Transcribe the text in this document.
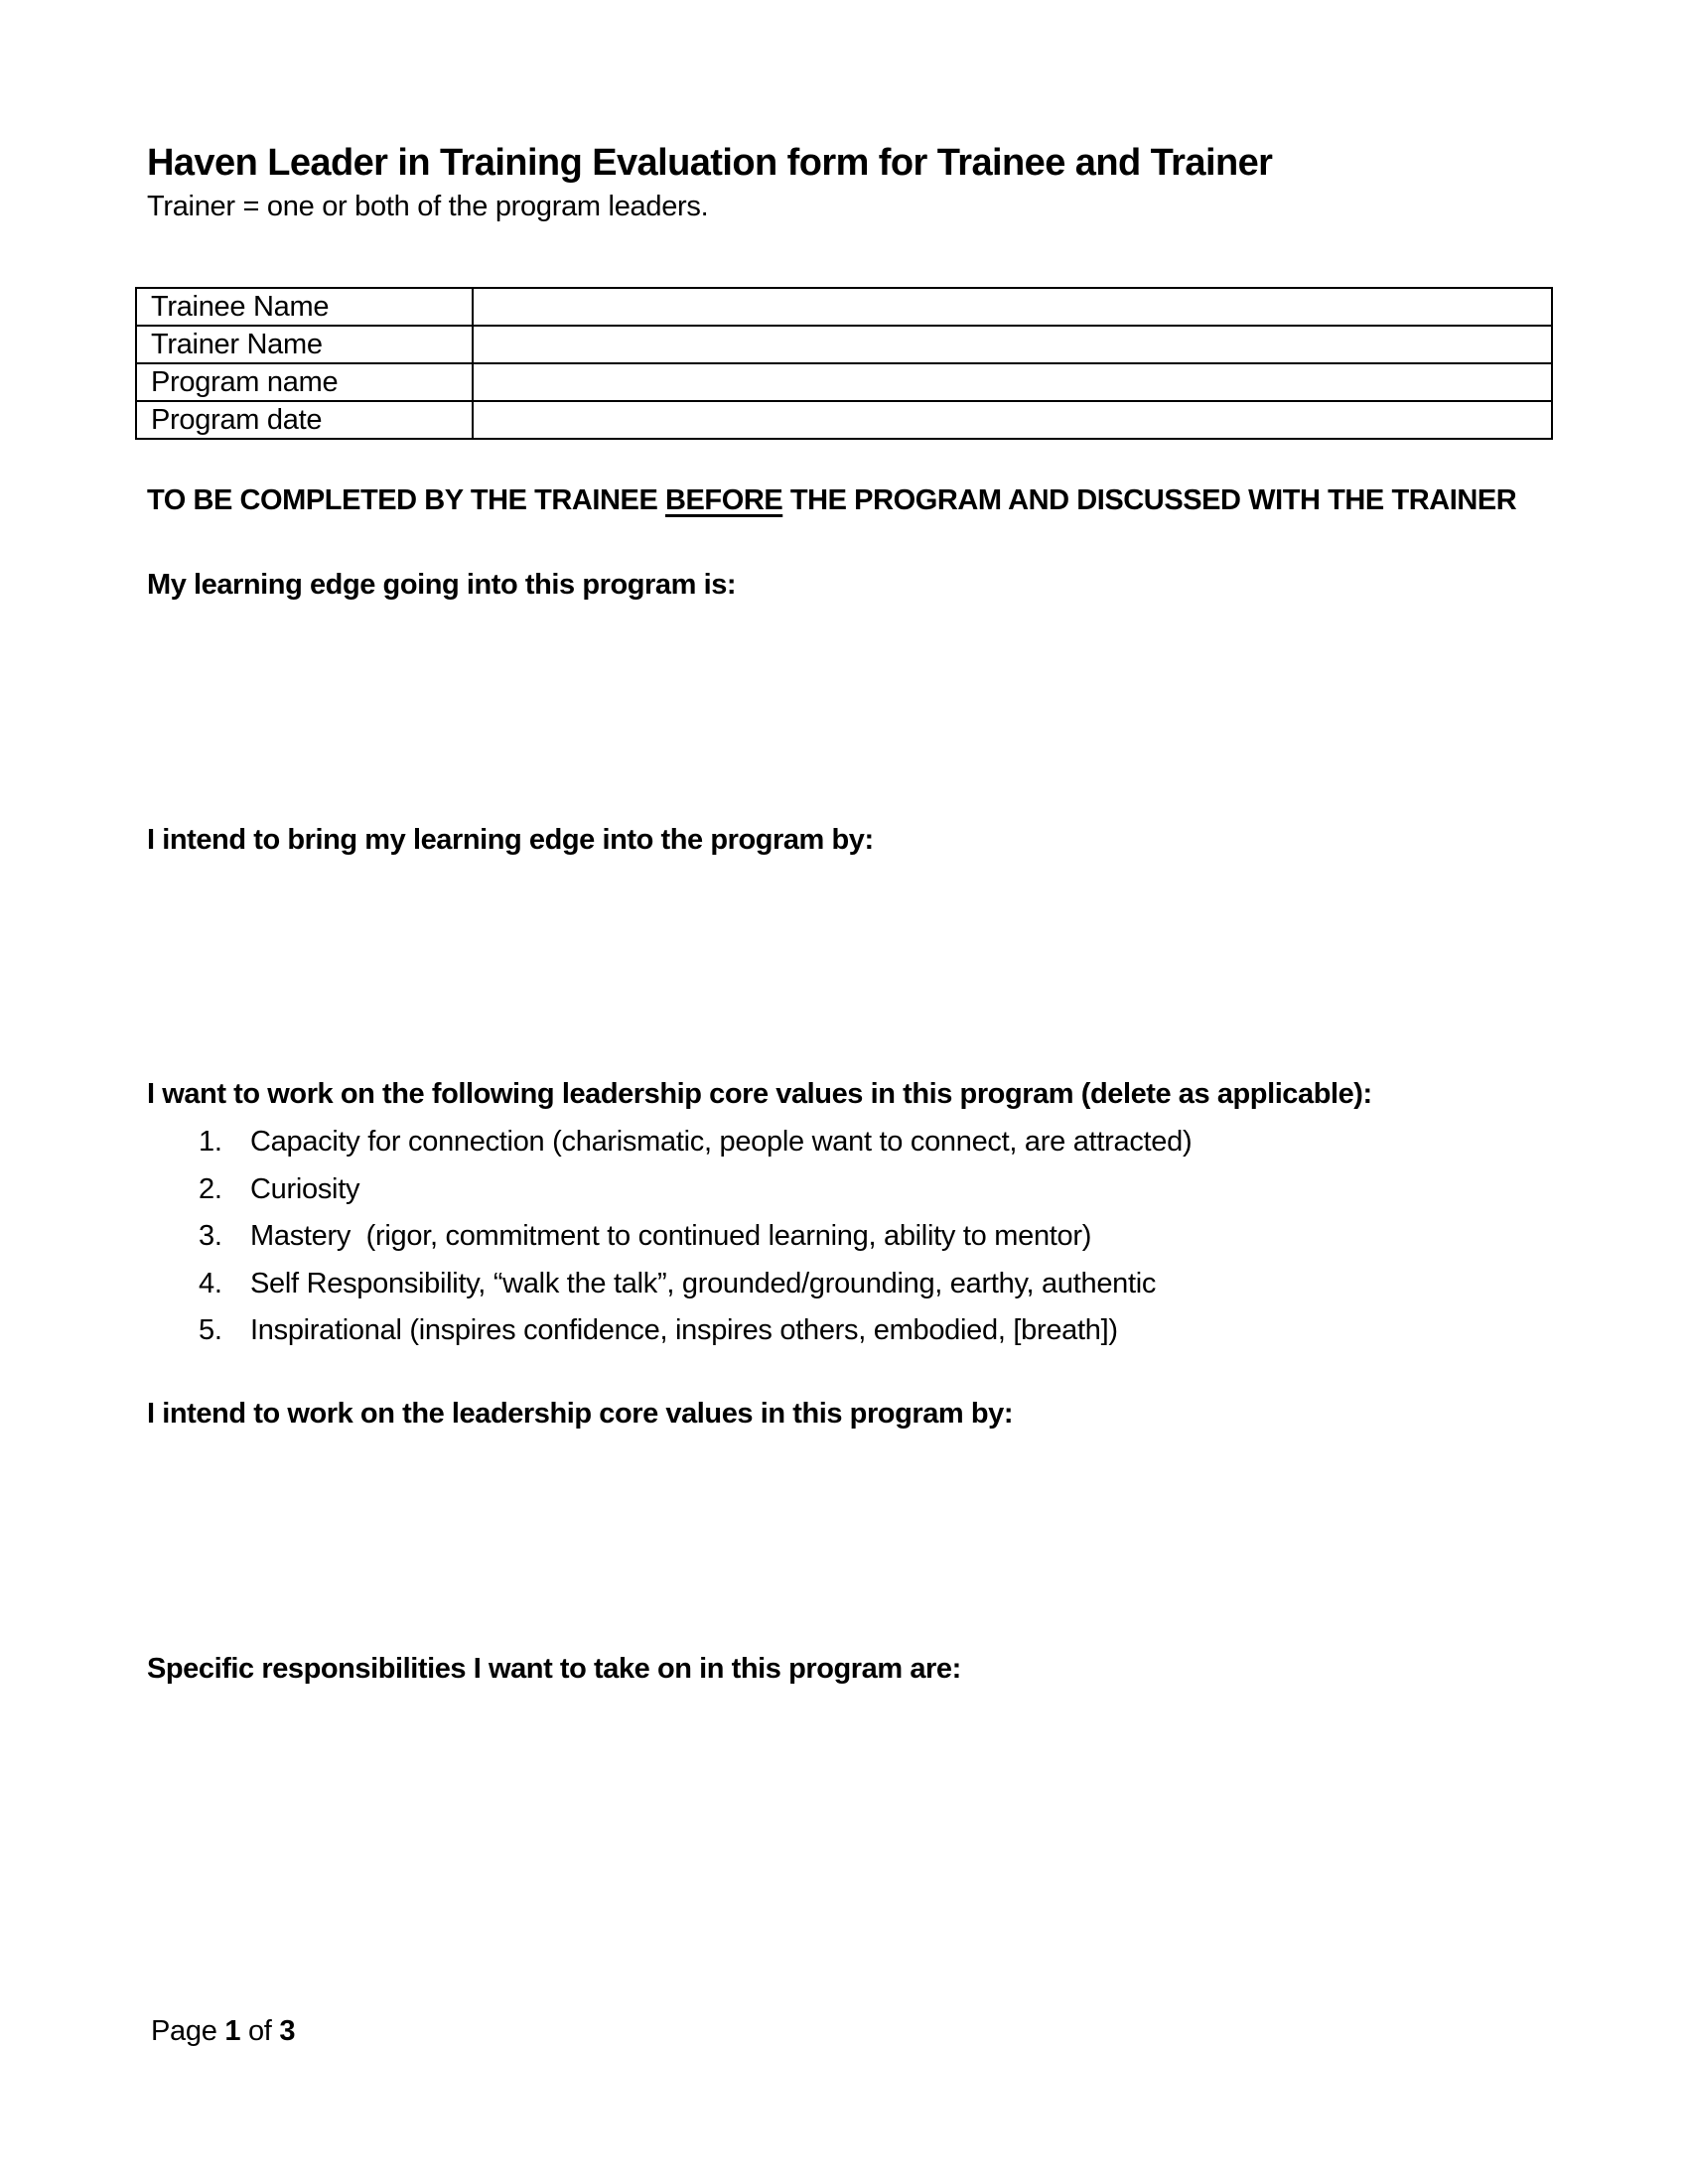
Haven Leader in Training Evaluation form for Trainee and Trainer
Trainer = one or both of the program leaders.
Trainee Name	
Trainer Name	
Program name	
Program date	
TO BE COMPLETED BY THE TRAINEE BEFORE THE PROGRAM AND DISCUSSED WITH THE TRAINER
My learning edge going into this program is:
I intend to bring my learning edge into the program by:
I want to work on the following leadership core values in this program (delete as applicable):
1. Capacity for connection (charismatic, people want to connect, are attracted)
2. Curiosity
3. Mastery  (rigor, commitment to continued learning, ability to mentor)
4. Self Responsibility, “walk the talk”, grounded/grounding, earthy, authentic
5. Inspirational (inspires confidence, inspires others, embodied, [breath])
I intend to work on the leadership core values in this program by:
Specific responsibilities I want to take on in this program are:
Page 1 of 3
